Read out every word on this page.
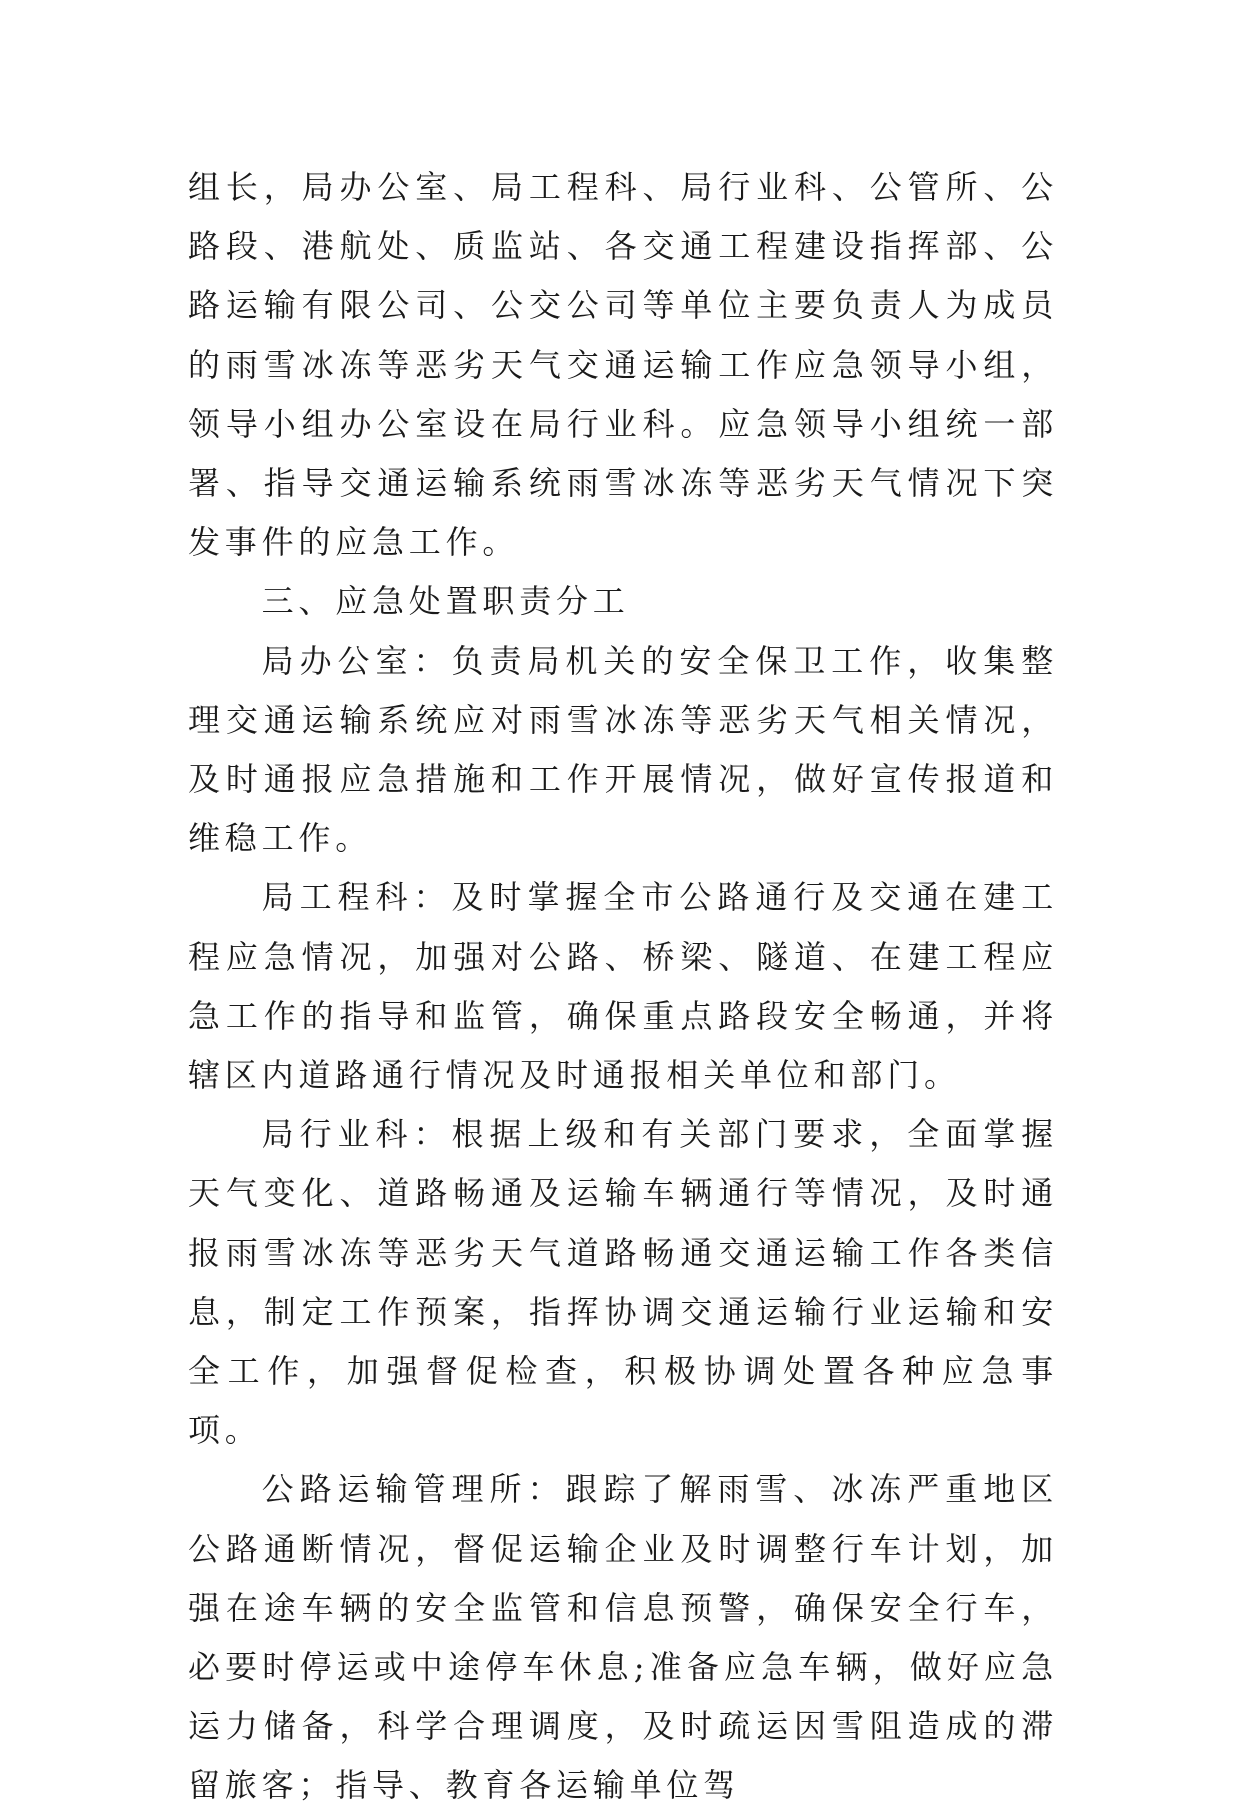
组长，局办公室、局工程科、局行业科、公管所、公路段、港航处、质监站、各交通工程建设指挥部、公路运输有限公司、公交公司等单位主要负责人为成员的雨雪冰冻等恶劣天气交通运输工作应急领导小组，领导小组办公室设在局行业科。应急领导小组统一部署、指导交通运输系统雨雪冰冻等恶劣天气情况下突发事件的应急工作。

三、应急处置职责分工

局办公室：负责局机关的安全保卫工作，收集整理交通运输系统应对雨雪冰冻等恶劣天气相关情况，及时通报应急措施和工作开展情况，做好宣传报道和维稳工作。

局工程科：及时掌握全市公路通行及交通在建工程应急情况，加强对公路、桥梁、隧道、在建工程应急工作的指导和监管，确保重点路段安全畅通，并将辖区内道路通行情况及时通报相关单位和部门。

局行业科：根据上级和有关部门要求，全面掌握天气变化、道路畅通及运输车辆通行等情况，及时通报雨雪冰冻等恶劣天气道路畅通交通运输工作各类信息，制定工作预案，指挥协调交通运输行业运输和安全工作，加强督促检查，积极协调处置各种应急事项。

公路运输管理所：跟踪了解雨雪、冰冻严重地区公路通断情况，督促运输企业及时调整行车计划，加强在途车辆的安全监管和信息预警，确保安全行车，必要时停运或中途停车休息;准备应急车辆，做好应急运力储备，科学合理调度，及时疏运因雪阻造成的滞留旅客；指导、教育各运输单位驾
